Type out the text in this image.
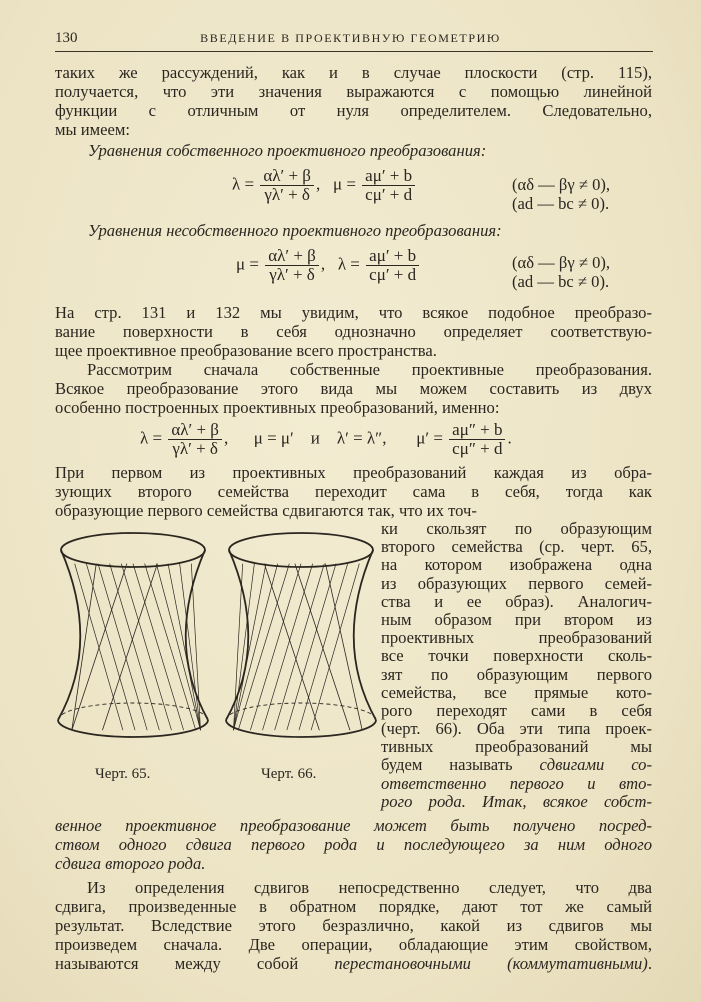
130	ВВЕДЕНИЕ В ПРОЕКТИВНУЮ ГЕОМЕТРИЮ
таких же рассуждений, как и в случае плоскости (стр. 115),
получается, что эти значения выражаются с помощью линейной
функции с отличным от нуля определителем. Следовательно,
мы имеем:
Уравнения собственного проективного преобразования:
$\lambda = \frac{\alpha\lambda' + \beta}{\gamma\lambda' + \delta}$ , $\mu = \frac{a\mu' + b}{c\mu' + d}$	(αδ — βγ ≠ 0),
(ad — bc ≠ 0).
Уравнения несобственного проективного преобразования:
$\mu = \frac{\alpha\lambda' + \beta}{\gamma\lambda' + \delta}$ , $\lambda = \frac{a\mu' + b}{c\mu' + d}$	(αδ — βγ ≠ 0),
(ad — bc ≠ 0).
На стр. 131 и 132 мы увидим, что всякое подобное преобразо-
вание поверхности в себя однозначно определяет соответствую-
щее проективное преобразование всего пространства.
Рассмотрим сначала собственные проективные преобразования.
Всякое преобразование этого вида мы можем составить из двух
особенно построенных проективных преобразований, именно:
$\lambda = \frac{\alpha\lambda' + \beta}{\gamma\lambda' + \delta}$ , μ = μ′ и λ′ = λ″, $\mu' = \frac{a\mu'' + b}{c\mu'' + d}$ .
При первом из проективных преобразований каждая из обра-
зующих второго семейства переходит сама в себя, тогда как
образующие первого семейства сдвигаются так, что их точ-
ки скользят по образующим
второго семейства (ср. черт. 65,
на котором изображена одна
из образующих первого семей-
ства и ее образ). Аналогич-
ным образом при втором из
проективных преобразований
все точки поверхности сколь-
зят по образующим первого
семейства, все прямые кото-
рого переходят сами в себя
(черт. 66). Оба эти типа проек-
тивных преобразований мы
будем называть сдвигами со-
ответственно первого и вто-
рого рода. Итак, всякое собст-
Черт. 65.	Черт. 66.
венное проективное преобразование может быть получено посред-
ством одного сдвига первого рода и последующего за ним одного
сдвига второго рода.
Из определения сдвигов непосредственно следует, что два
сдвига, произведенные в обратном порядке, дают тот же самый
результат. Вследствие этого безразлично, какой из сдвигов мы
произведем сначала. Две операции, обладающие этим свойством,
называются между собой перестановочными (коммутативными).
